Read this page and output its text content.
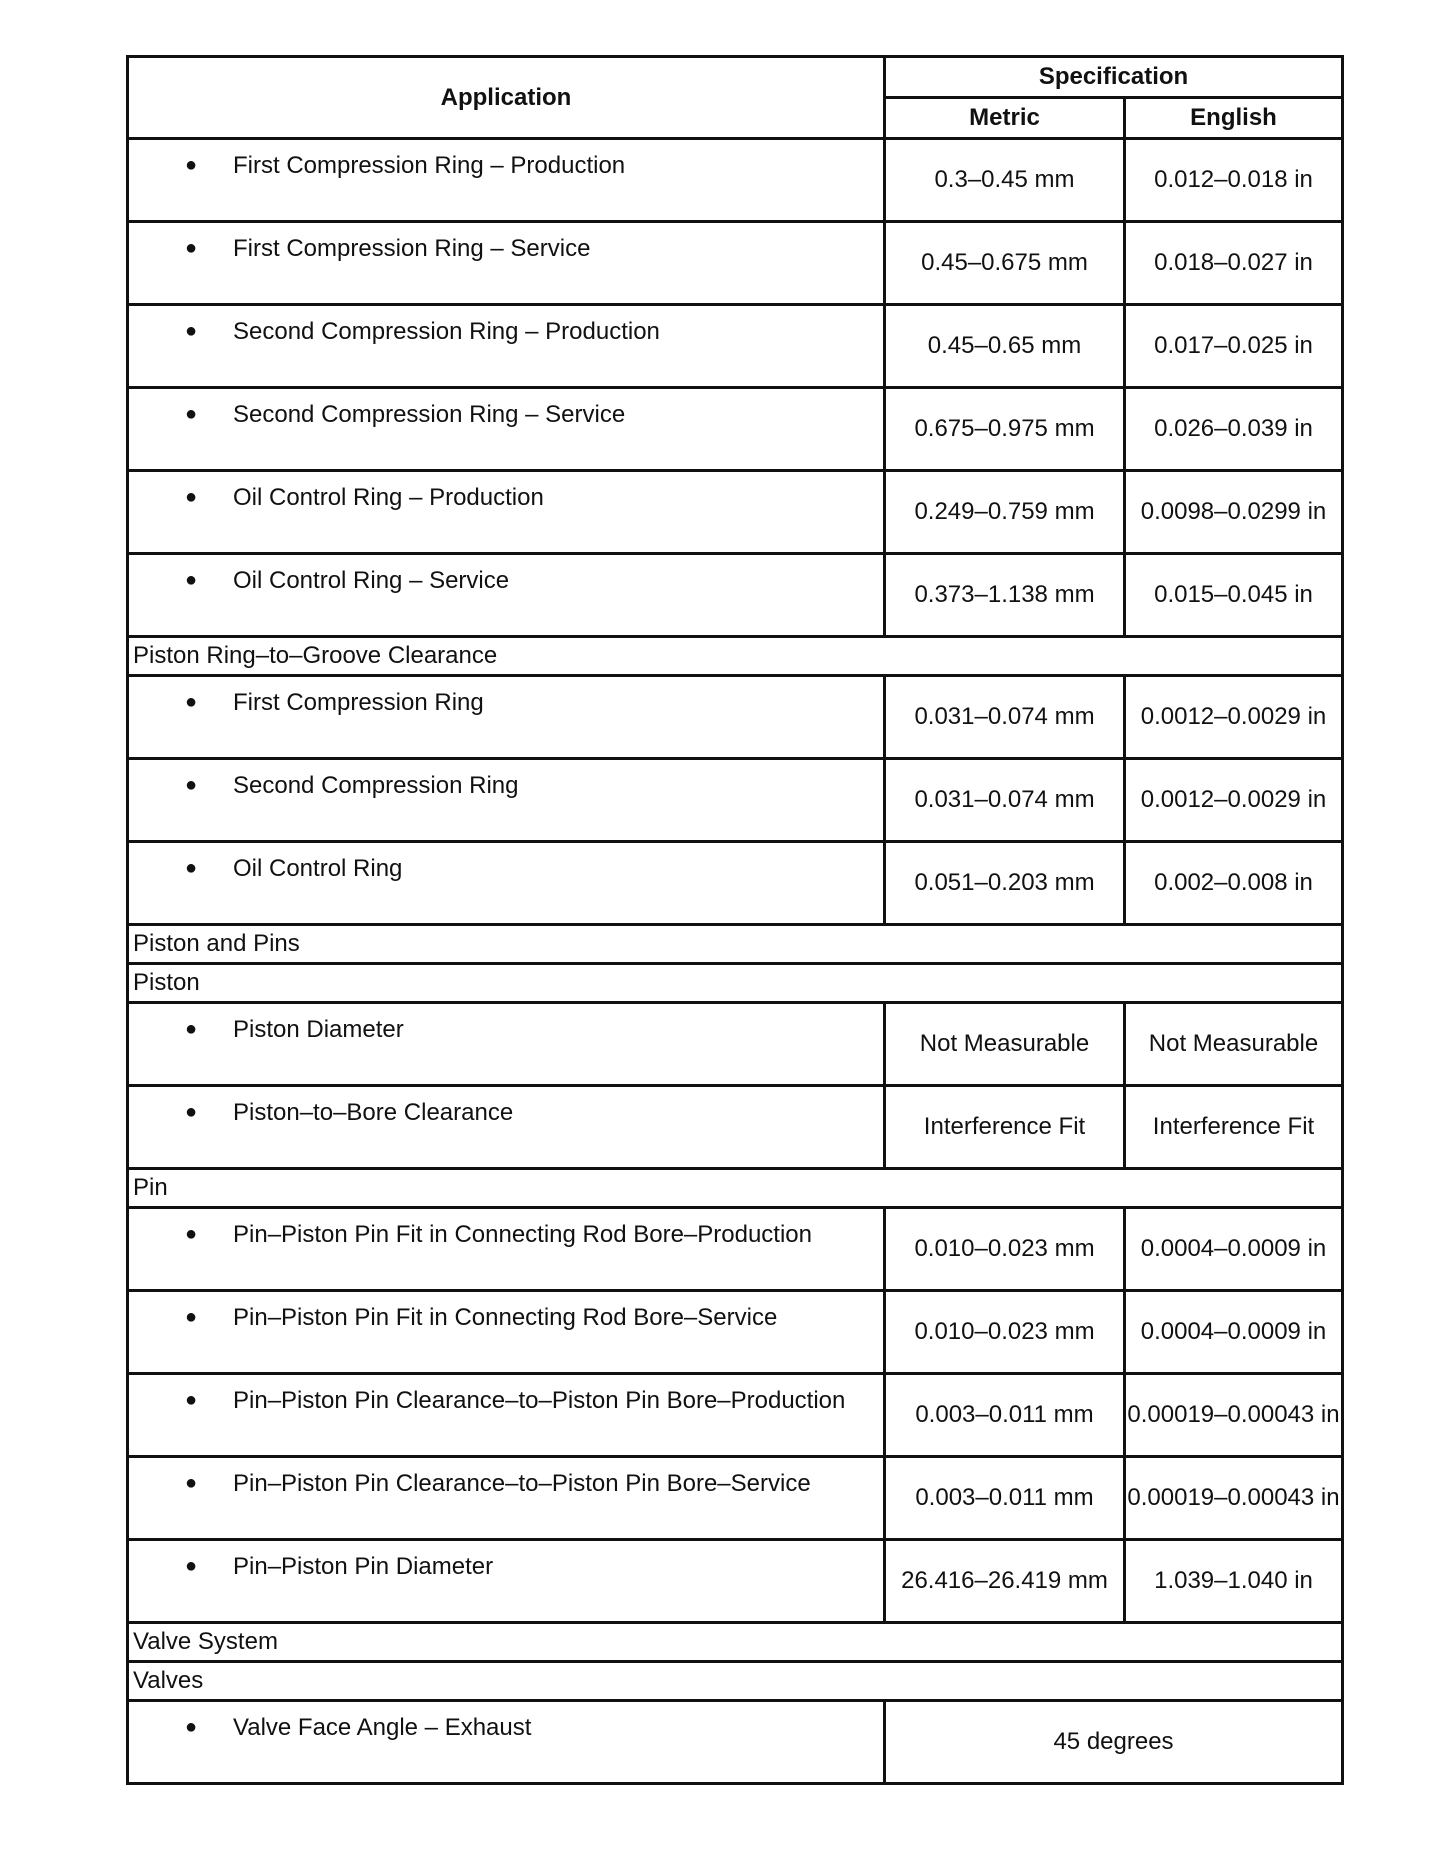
Application	Specification	
	Metric	English

● First Compression Ring – Production	0.3–0.45 mm	0.012–0.018 in

● First Compression Ring – Service	0.45–0.675 mm	0.018–0.027 in

● Second Compression Ring – Production	0.45–0.65 mm	0.017–0.025 in

● Second Compression Ring – Service	0.675–0.975 mm	0.026–0.039 in

● Oil Control Ring – Production	0.249–0.759 mm	0.0098–0.0299 in

● Oil Control Ring – Service	0.373–1.138 mm	0.015–0.045 in
Piston Ring–to–Groove Clearance		

● First Compression Ring	0.031–0.074 mm	0.0012–0.0029 in

● Second Compression Ring	0.031–0.074 mm	0.0012–0.0029 in

● Oil Control Ring	0.051–0.203 mm	0.002–0.008 in
Piston and Pins		
Piston		

● Piston Diameter	Not Measurable	Not Measurable

● Piston–to–Bore Clearance	Interference Fit	Interference Fit
Pin		

● Pin–Piston Pin Fit in Connecting Rod Bore–Production	0.010–0.023 mm	0.0004–0.0009 in

● Pin–Piston Pin Fit in Connecting Rod Bore–Service	0.010–0.023 mm	0.0004–0.0009 in

● Pin–Piston Pin Clearance–to–Piston Pin Bore–Production	0.003–0.011 mm	0.00019–0.00043 in

● Pin–Piston Pin Clearance–to–Piston Pin Bore–Service	0.003–0.011 mm	0.00019–0.00043 in

● Pin–Piston Pin Diameter	26.416–26.419 mm	1.039–1.040 in
Valve System		
Valves		

● Valve Face Angle – Exhaust	45 degrees	
